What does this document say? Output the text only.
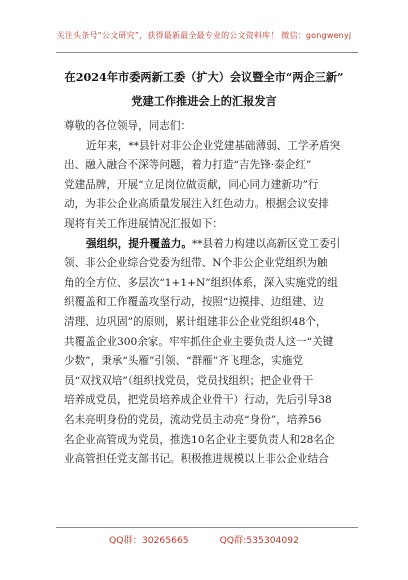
关注头条号“公文研究”，获得最新最全最专业的公文资料库！ 微信：gongwenyj
在2024年市委两新工委（扩大）会议暨全市“两企三新”
党建工作推进会上的汇报发言
尊敬的各位领导，同志们：
近年来，**县针对非公企业党建基础薄弱、工学矛盾突
出、融入融合不深等问题，着力打造“吉先锋·泰企红”
党建品牌，开展“立足岗位做贡献，同心同力建新功”行
动，为非公企业高质量发展注入红色动力。根据会议安排
现将有关工作进展情况汇报如下：
强组织，提升覆盖力。**县着力构建以高新区党工委引
领、非公企业综合党委为纽带、N个非公企业党组织为触
角的全方位、多层次“1+1+N”组织体系，深入实施党的组
织覆盖和工作覆盖攻坚行动，按照“边摸排、边组建、边
清理、边巩固”的原则，累计组建非公企业党组织48个，
共覆盖企业300余家。牢牢抓住企业主要负责人这一“关键
少数”，秉承“头雁”引领、“群雁”齐飞理念，实施党
员“双找双培”（组织找党员，党员找组织；把企业骨干
培养成党员，把党员培养成企业骨干）行动，先后引导38
名未亮明身份的党员，流动党员主动亮“身份”，培养56
名企业高管成为党员，推选10名企业主要负责人和28名企
业高管担任党支部书记。积极推进规模以上非公企业结合
QQ群：30265665	QQ群:535304092
